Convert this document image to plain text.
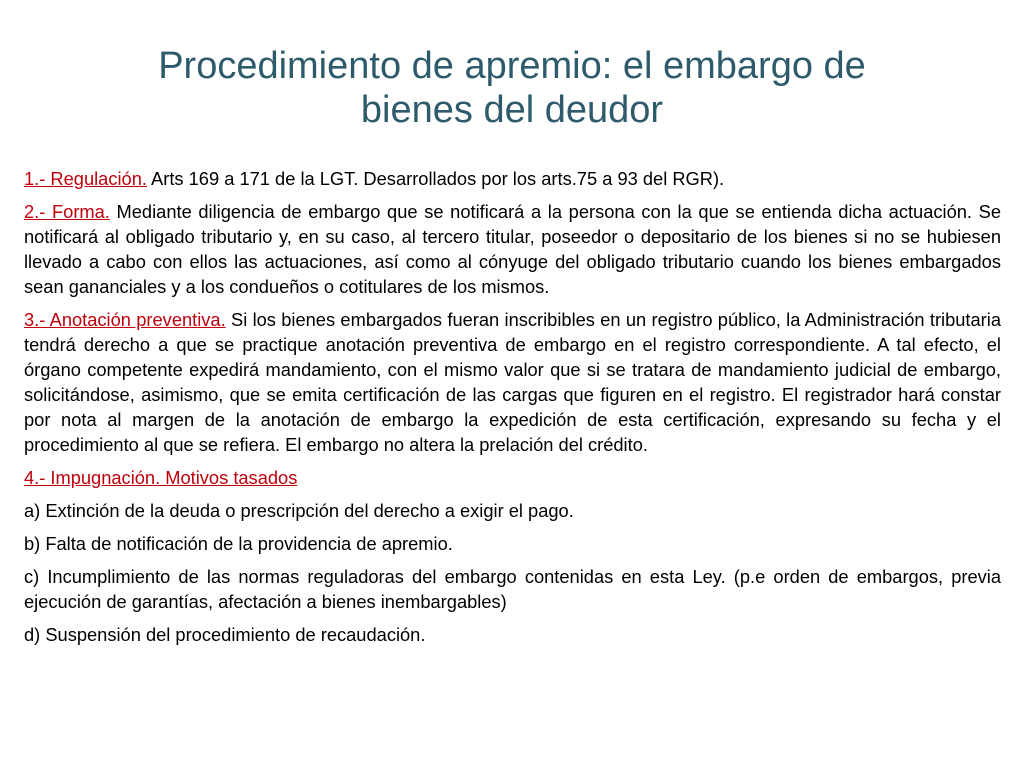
Procedimiento de apremio: el embargo de
bienes del deudor

1.- Regulación. Arts 169 a 171 de la LGT. Desarrollados por los arts.75 a 93 del RGR).

2.- Forma. Mediante diligencia de embargo que se notificará a la persona con la que se entienda dicha actuación. Se notificará al obligado tributario y, en su caso, al tercero titular, poseedor o depositario de los bienes si no se hubiesen llevado a cabo con ellos las actuaciones, así como al cónyuge del obligado tributario cuando los bienes embargados sean gananciales y a los condueños o cotitulares de los mismos.

3.- Anotación preventiva. Si los bienes embargados fueran inscribibles en un registro público, la Administración tributaria tendrá derecho a que se practique anotación preventiva de embargo en el registro correspondiente. A tal efecto, el órgano competente expedirá mandamiento, con el mismo valor que si se tratara de mandamiento judicial de embargo, solicitándose, asimismo, que se emita certificación de las cargas que figuren en el registro. El registrador hará constar por nota al margen de la anotación de embargo la expedición de esta certificación, expresando su fecha y el procedimiento al que se refiera. El embargo no altera la prelación del crédito.

4.- Impugnación. Motivos tasados

a) Extinción de la deuda o prescripción del derecho a exigir el pago.

b) Falta de notificación de la providencia de apremio.

c) Incumplimiento de las normas reguladoras del embargo contenidas en esta Ley. (p.e orden de embargos, previa ejecución de garantías, afectación a bienes inembargables)

d) Suspensión del procedimiento de recaudación.
